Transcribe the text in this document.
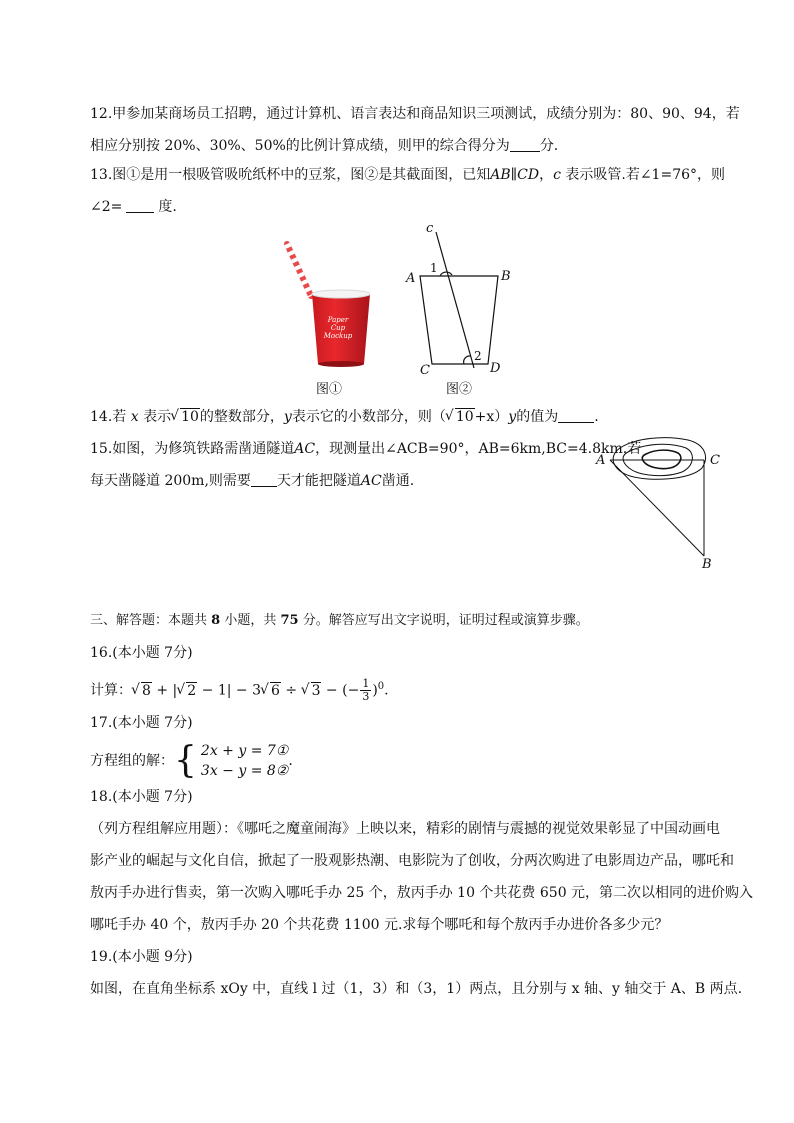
12.甲参加某商场员工招聘，通过计算机、语言表达和商品知识三项测试，成绩分别为：80、90、94，若
相应分别按 20%、30%、50%的比例计算成绩，则甲的综合得分为 分.
13.图①是用一根吸管吸吮纸杯中的豆浆，图②是其截面图，已知AB∥CD，c 表示吸管.若∠1=76°，则
∠2=	度.
Paper
Cup
Mockup
图①
c
A	B
C	D
1
2
图②
14.若 x 表示 √ 10的整数部分，y表示它的小数部分，则（ √ 10+x）y的值为	.
15.如图，为修筑铁路需凿通隧道AC，现测量出∠ACB=90°，AB=6km,BC=4.8km.若
每天凿隧道 200m,则需要 天才能把隧道AC凿通.
A	C
B
三、解答题：本题共 8 小题，共 75 分。解答应写出文字说明，证明过程或演算步骤。
16.(本小题 7分)
计算： √ 8 + | √ 2 − 1| − 3 √ 6 ÷ √ 3 − (− $\frac{1}{3} )^0$.
17.(本小题 7分)
方程组的解：{ 2x + y = 7①
3x − y = 8②
.
18.(本小题 7分)
（列方程组解应用题）：《哪吒之魔童闹海》上映以来，精彩的剧情与震撼的视觉效果彰显了中国动画电
影产业的崛起与文化自信，掀起了一股观影热潮、电影院为了创收，分两次购进了电影周边产品，哪吒和
敖丙手办进行售卖，第一次购入哪吒手办 25 个，敖丙手办 10 个共花费 650 元，第二次以相同的进价购入
哪吒手办 40 个，敖丙手办 20 个共花费 1100 元.求每个哪吒和每个敖丙手办进价各多少元？
19.(本小题 9分)
如图，在直角坐标系 xOy 中，直线 l 过（1，3）和（3，1）两点，且分别与 x 轴、y 轴交于 A、B 两点.
